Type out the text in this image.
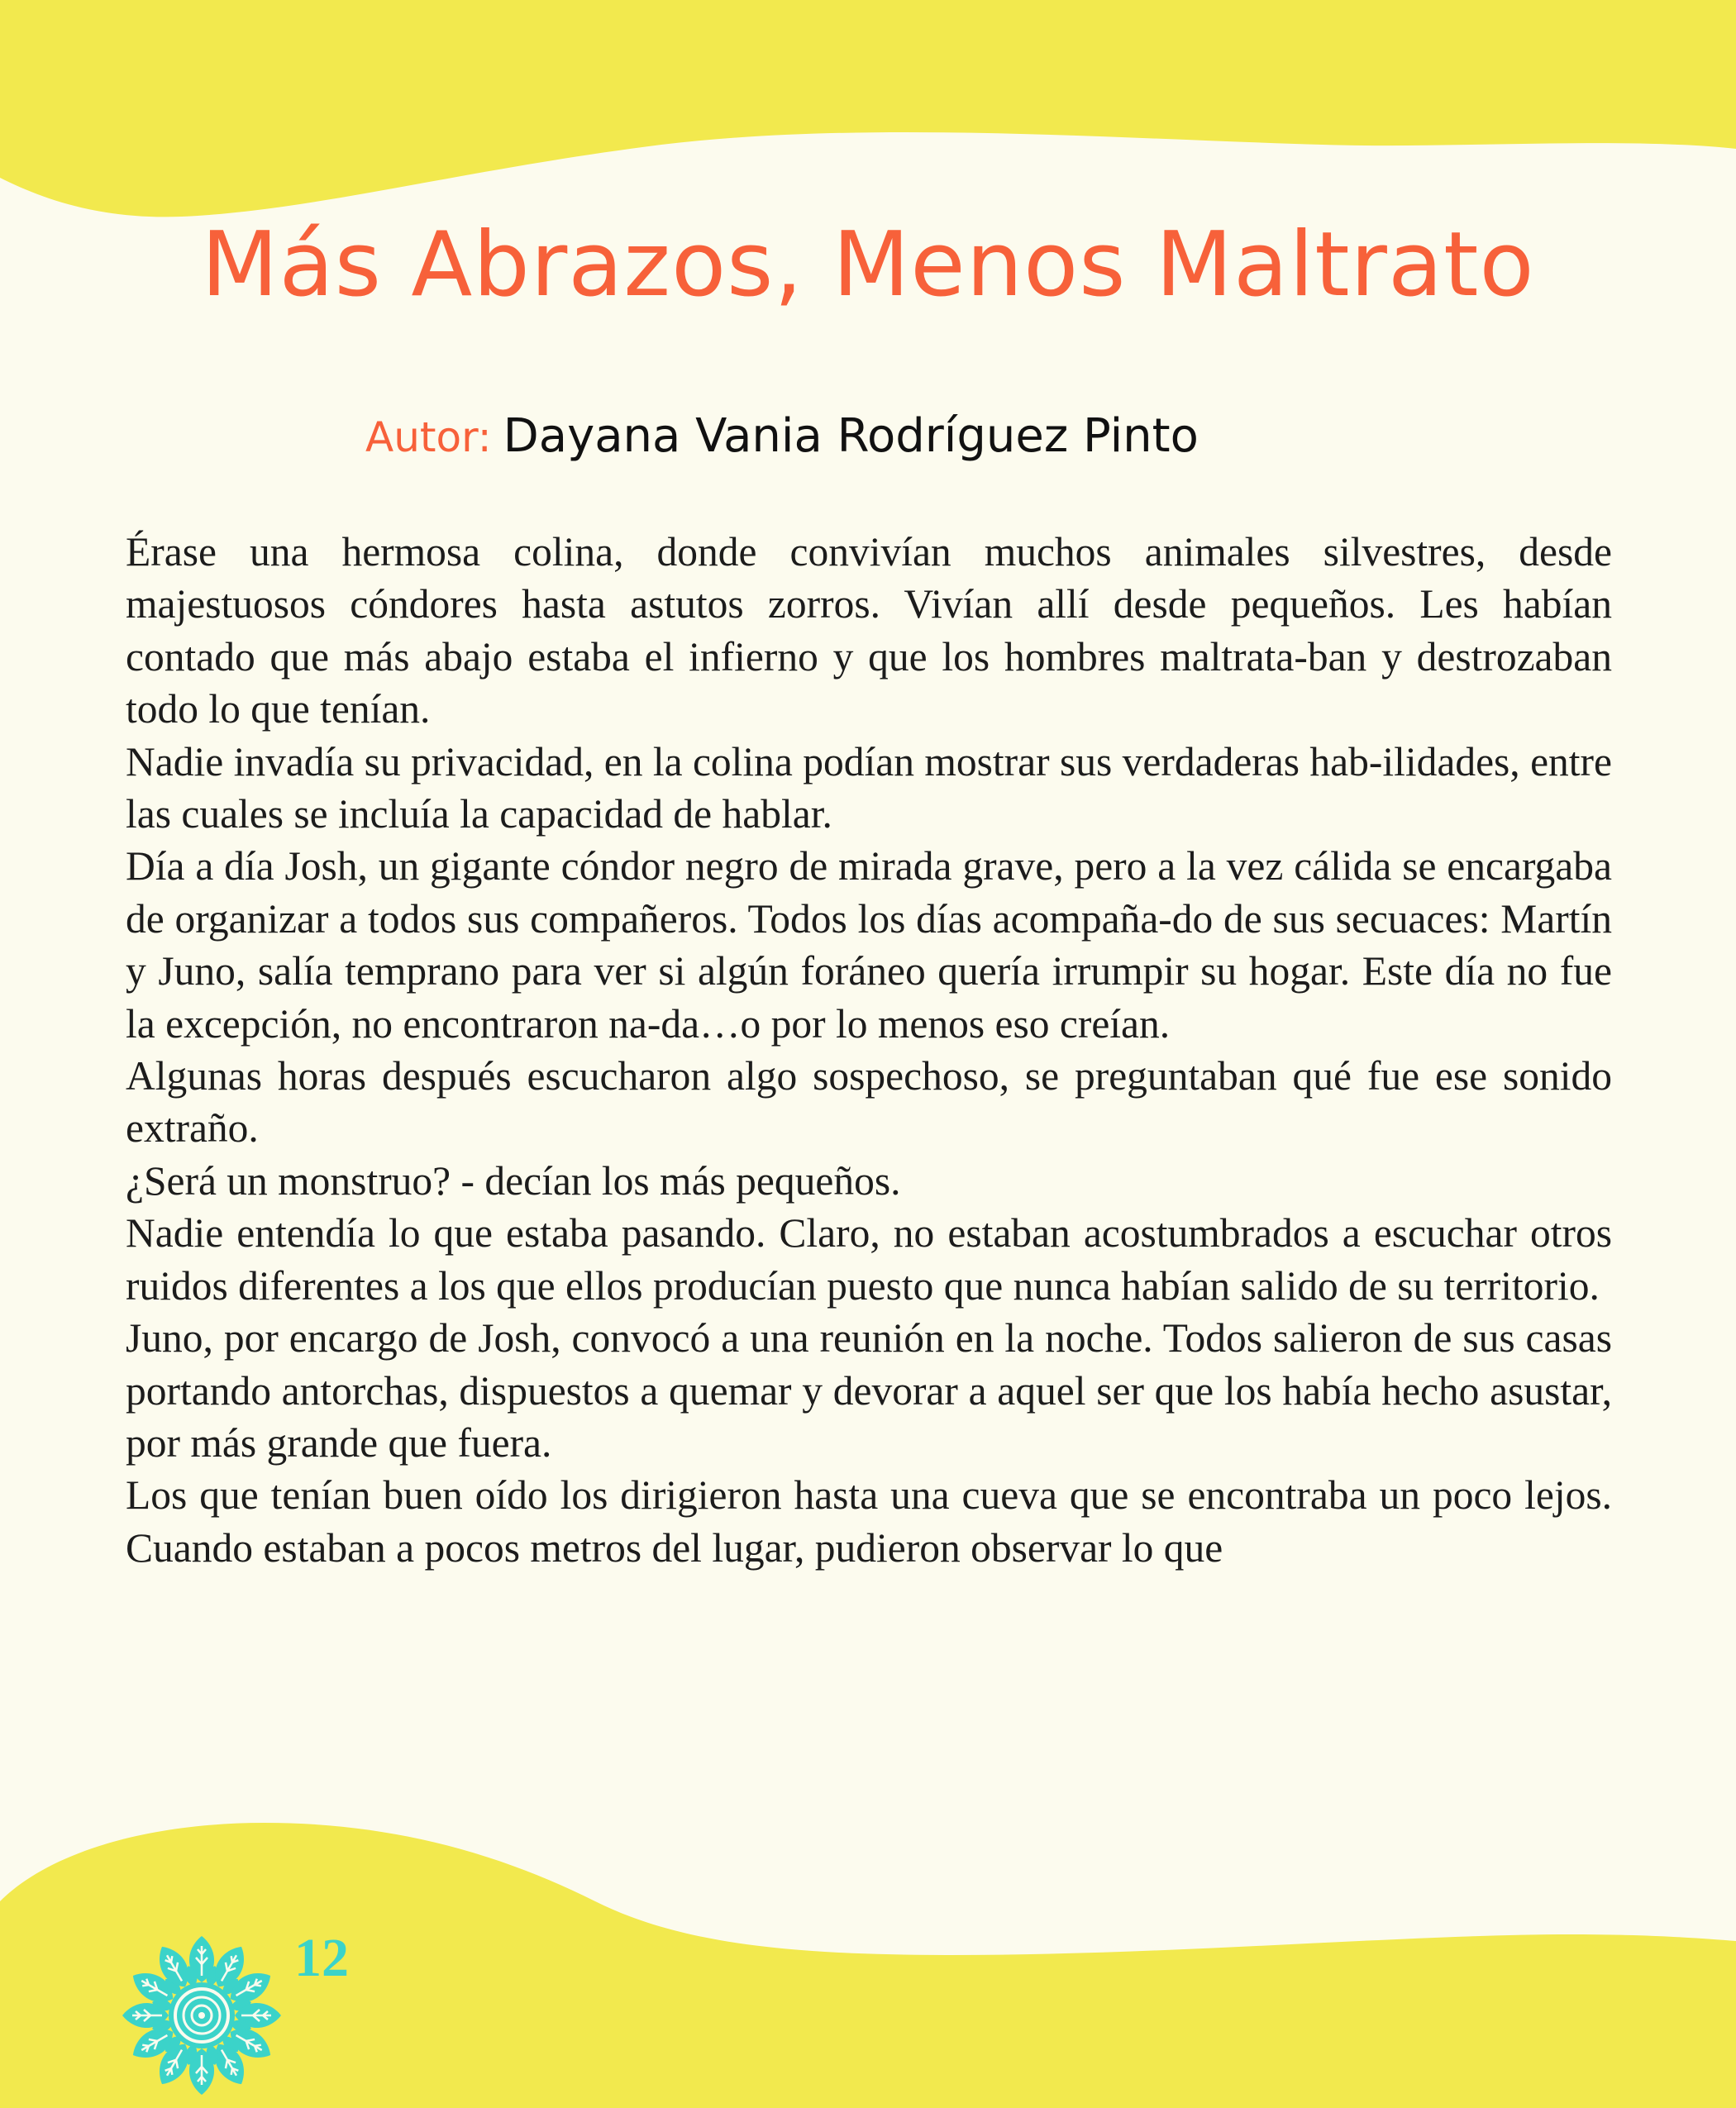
Más Abrazos, Menos Maltrato
Autor: Dayana Vania Rodríguez Pinto

Érase una hermosa colina, donde convivían muchos animales silvestres, desde majestuosos cóndores hasta astutos zorros. Vivían allí desde pequeños. Les habían contado que más abajo estaba el infierno y que los hombres maltrata-ban y destrozaban todo lo que tenían.

Nadie invadía su privacidad, en la colina podían mostrar sus verdaderas hab-ilidades, entre las cuales se incluía la capacidad de hablar.

Día a día Josh, un gigante cóndor negro de mirada grave, pero a la vez cálida se encargaba de organizar a todos sus compañeros. Todos los días acompaña-do de sus secuaces: Martín y Juno, salía temprano para ver si algún foráneo quería irrumpir su hogar. Este día no fue la excepción, no encontraron na-da…o por lo menos eso creían.

Algunas horas después escucharon algo sospechoso, se preguntaban qué fue ese sonido extraño.

¿Será un monstruo? - decían los más pequeños.

Nadie entendía lo que estaba pasando. Claro, no estaban acostumbrados a escuchar otros ruidos diferentes a los que ellos producían puesto que nunca habían salido de su territorio.

Juno, por encargo de Josh, convocó a una reunión en la noche. Todos salieron de sus casas portando antorchas, dispuestos a quemar y devorar a aquel ser que los había hecho asustar, por más grande que fuera.

Los que tenían buen oído los dirigieron hasta una cueva que se encontraba un poco lejos. Cuando estaban a pocos metros del lugar, pudieron observar lo que

12
